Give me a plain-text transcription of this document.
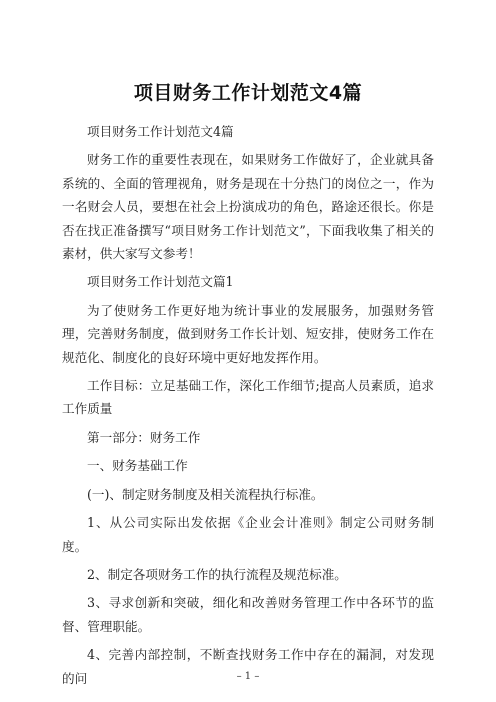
项目财务工作计划范文4篇

项目财务工作计划范文4篇

财务工作的重要性表现在，如果财务工作做好了，企业就具备系统的、全面的管理视角，财务是现在十分热门的岗位之一，作为一名财会人员，要想在社会上扮演成功的角色，路途还很长。你是否在找正准备撰写“项目财务工作计划范文”，下面我收集了相关的素材，供大家写文参考！

项目财务工作计划范文篇1

为了使财务工作更好地为统计事业的发展服务，加强财务管理，完善财务制度，做到财务工作长计划、短安排，使财务工作在规范化、制度化的良好环境中更好地发挥作用。

工作目标：立足基础工作，深化工作细节;提高人员素质，追求工作质量

第一部分：财务工作

一、财务基础工作

(一)、制定财务制度及相关流程执行标准。

1、从公司实际出发依据《企业会计准则》制定公司财务制度。

2、制定各项财务工作的执行流程及规范标准。

3、寻求创新和突破，细化和改善财务管理工作中各环节的监督、管理职能。

4、完善内部控制，不断查找财务工作中存在的漏洞，对发现的问	– 1 –
